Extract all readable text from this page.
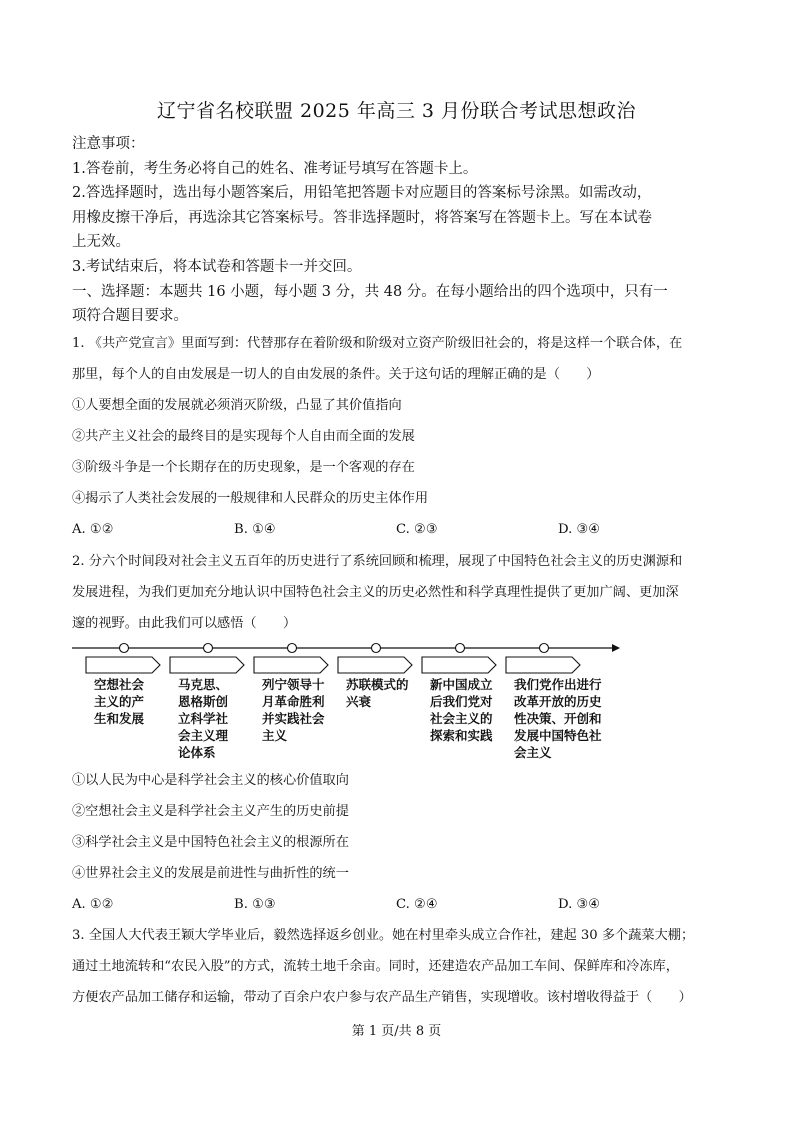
辽宁省名校联盟 2025 年高三 3 月份联合考试思想政治

注意事项：

1.答卷前，考生务必将自己的姓名、准考证号填写在答题卡上。

2.答选择题时，选出每小题答案后，用铅笔把答题卡对应题目的答案标号涂黑。如需改动，

用橡皮擦干净后，再选涂其它答案标号。答非选择题时，将答案写在答题卡上。写在本试卷

上无效。

3.考试结束后，将本试卷和答题卡一并交回。

一、选择题：本题共 16 小题，每小题 3 分，共 48 分。在每小题给出的四个选项中，只有一

项符合题目要求。

1. 《共产党宣言》里面写到：代替那存在着阶级和阶级对立资产阶级旧社会的，将是这样一个联合体，在

那里，每个人的自由发展是一切人的自由发展的条件。关于这句话的理解正确的是（　　）

①人要想全面的发展就必须消灭阶级，凸显了其价值指向

②共产主义社会的最终目的是实现每个人自由而全面的发展

③阶级斗争是一个长期存在的历史现象，是一个客观的存在

④揭示了人类社会发展的一般规律和人民群众的历史主体作用

A. ①②	B. ①④	C. ②③	D. ③④

2. 分六个时间段对社会主义五百年的历史进行了系统回顾和梳理，展现了中国特色社会主义的历史渊源和

发展进程，为我们更加充分地认识中国特色社会主义的历史必然性和科学真理性提供了更加广阔、更加深

邃的视野。由此我们可以感悟（　　）

空想社会
主义的产
生和发展
马克思、
恩格斯创
立科学社
会主义理
论体系
列宁领导十
月革命胜利
并实践社会
主义
苏联模式的
兴衰
新中国成立
后我们党对
社会主义的
探索和实践
我们党作出进行
改革开放的历史
性决策、开创和
发展中国特色社
会主义

①以人民为中心是科学社会主义的核心价值取向

②空想社会主义是科学社会主义产生的历史前提

③科学社会主义是中国特色社会主义的根源所在

④世界社会主义的发展是前进性与曲折性的统一

A. ①②	B. ①③	C. ②④	D. ③④

3. 全国人大代表王颖大学毕业后，毅然选择返乡创业。她在村里牵头成立合作社，建起 30 多个蔬菜大棚；

通过土地流转和“农民入股”的方式，流转土地千余亩。同时，还建造农产品加工车间、保鲜库和冷冻库，

方便农产品加工储存和运输，带动了百余户农户参与农产品生产销售，实现增收。该村增收得益于（　　）

第 1 页/共 8 页
